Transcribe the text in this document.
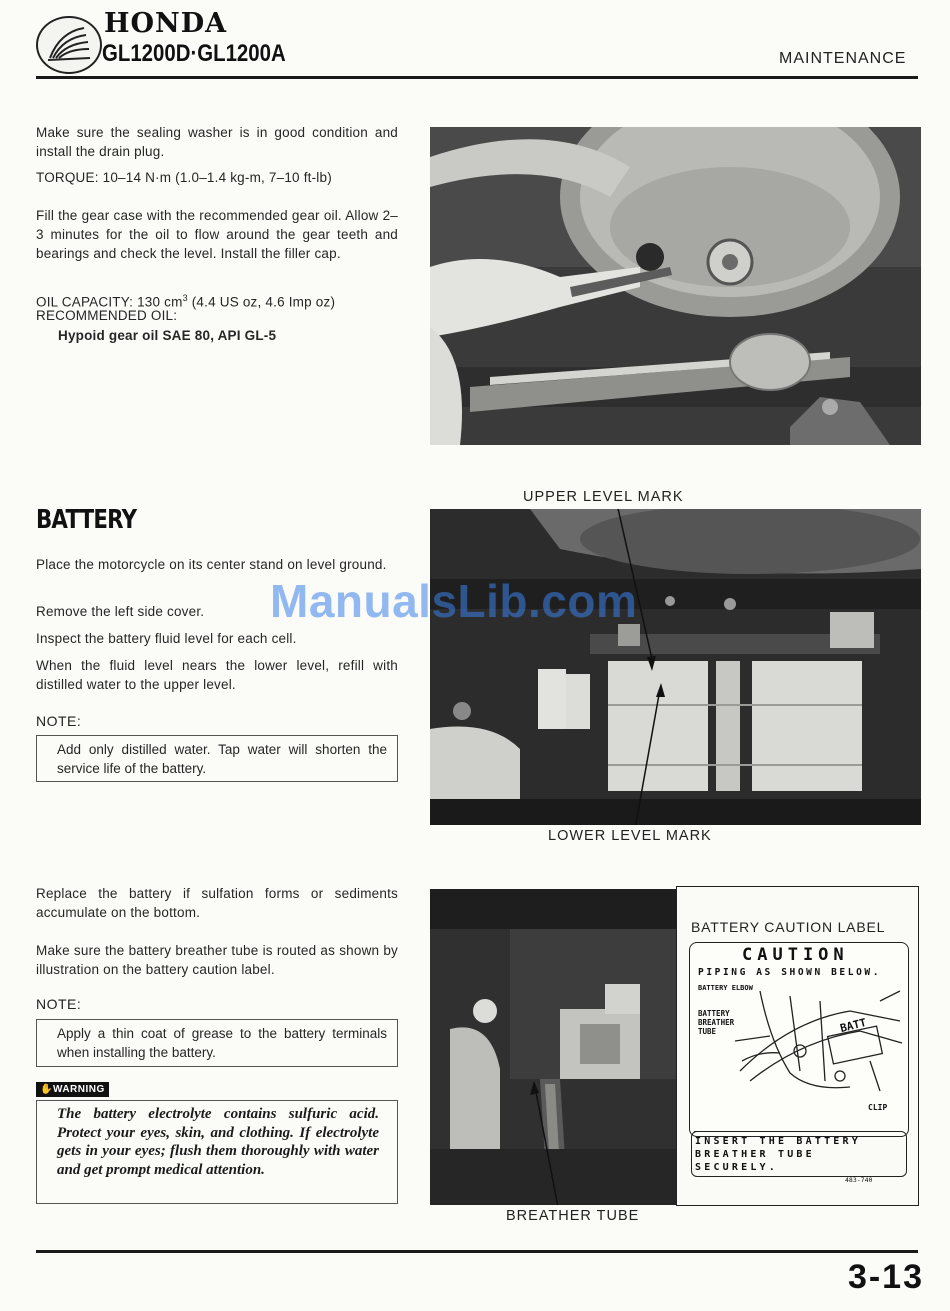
HONDA
GL1200D·GL1200A	MAINTENANCE
Make sure the sealing washer is in good condition and install the drain plug.
TORQUE: 10–14 N·m (1.0–1.4 kg-m, 7–10 ft-lb)
Fill the gear case with the recommended gear oil. Allow 2–3 minutes for the oil to flow around the gear teeth and bearings and check the level. Install the filler cap.
OIL CAPACITY: 130 $cm^3$ (4.4 US oz, 4.6 Imp oz)
RECOMMENDED OIL:
Hypoid gear oil SAE 80, API GL-5
BATTERY
Place the motorcycle on its center stand on level ground.
Remove the left side cover.
Inspect the battery fluid level for each cell.
When the fluid level nears the lower level, refill with distilled water to the upper level.
NOTE:
Add only distilled water. Tap water will shorten the service life of the battery.
UPPER LEVEL MARK
LOWER LEVEL MARK
Replace the battery if sulfation forms or sediments accumulate on the bottom.
Make sure the battery breather tube is routed as shown by illustration on the battery caution label.
NOTE:
Apply a thin coat of grease to the battery terminals when installing the battery.
✋WARNING
The battery electrolyte contains sulfuric acid. Protect your eyes, skin, and clothing. If electrolyte gets in your eyes; flush them thoroughly with water and get prompt medical attention.
BREATHER TUBE
BATTERY CAUTION LABEL
CAUTION
PIPING AS SHOWN BELOW.
BATTERY ELBOW
BATTERY
BREATHER
TUBE	BATT
CLIP
INSERT THE BATTERY
BREATHER TUBE
SECURELY.
483-740
ManualsLib.com
3-13
